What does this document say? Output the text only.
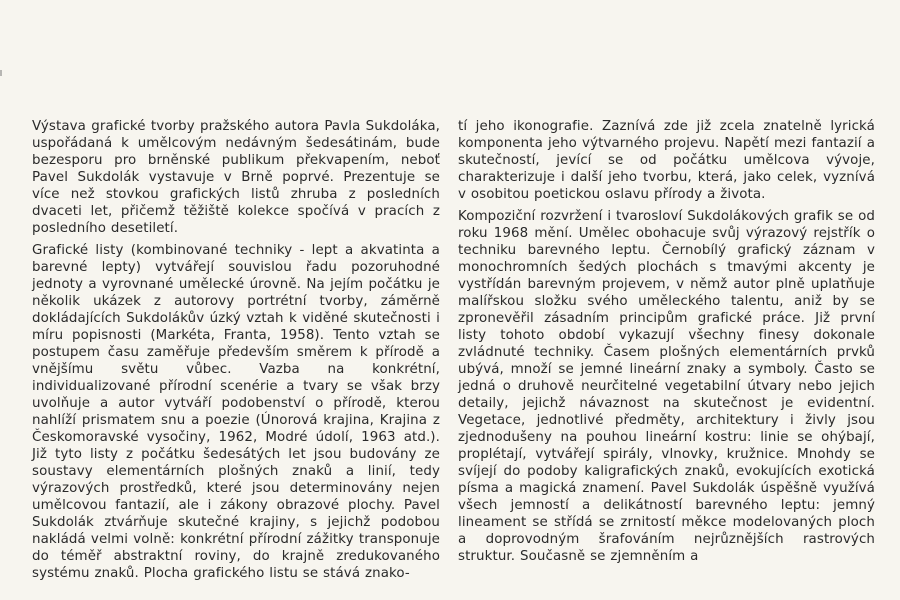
Výstava grafické tvorby pražského autora Pavla Sukdoláka, uspořádaná k umělcovým nedávným šedesátinám, bude bezesporu pro brněnské publikum překvapením, neboť Pavel Sukdolák vystavuje v Brně poprvé. Prezentuje se více než stovkou grafických listů zhruba z posledních dvaceti let, přičemž těžiště kolekce spočívá v pracích z posledního desetiletí.

Grafické listy (kombinované techniky - lept a akvatinta a barevné lepty) vytvářejí souvislou řadu pozoruhodné jednoty a vyrovnané umělecké úrovně. Na jejím počátku je několik ukázek z autorovy portrétní tvorby, záměrně dokládajících Sukdolákův úzký vztah k viděné skutečnosti i míru popisnosti (Markéta, Franta, 1958). Tento vztah se postupem času zaměřuje především směrem k přírodě a vnějšímu světu vůbec. Vazba na konkrétní, individualizované přírodní scenérie a tvary se však brzy uvolňuje a autor vytváří podobenství o přírodě, kterou nahlíží prismatem snu a poezie (Únorová krajina, Krajina z Českomoravské vysočiny, 1962, Modré údolí, 1963 atd.). Již tyto listy z počátku šedesátých let jsou budovány ze soustavy elementárních plošných znaků a linií, tedy výrazových prostředků, které jsou determinovány nejen umělcovou fantazií, ale i zákony obrazové plochy. Pavel Sukdolák ztvárňuje skutečné krajiny, s jejichž podobou nakládá velmi volně: konkrétní přírodní zážitky transponuje do téměř abstraktní roviny, do krajně zredukovaného systému znaků. Plocha grafického listu se stává znako-

tí jeho ikonografie. Zaznívá zde již zcela znatelně lyrická komponenta jeho výtvarného projevu. Napětí mezi fantazií a skutečností, jevící se od počátku umělcova vývoje, charakterizuje i další jeho tvorbu, která, jako celek, vyznívá v osobitou poetickou oslavu přírody a života.

Kompoziční rozvržení i tvarosloví Sukdolákových grafik se od roku 1968 mění. Umělec obohacuje svůj výrazový rejstřík o techniku barevného leptu. Černobílý grafický záznam v monochromních šedých plochách s tmavými akcenty je vystřídán barevným projevem, v němž autor plně uplatňuje malířskou složku svého uměleckého talentu, aniž by se zpronevěřil zásadním principům grafické práce. Již první listy tohoto období vykazují všechny finesy dokonale zvládnuté techniky. Časem plošných elementárních prvků ubývá, množí se jemné lineární znaky a symboly. Často se jedná o druhově neurčitelné vegetabilní útvary nebo jejich detaily, jejichž návaznost na skutečnost je evidentní. Vegetace, jednotlivé předměty, architektury i živly jsou zjednodušeny na pouhou lineární kostru: linie se ohýbají, proplétají, vytvářejí spirály, vlnovky, kružnice. Mnohdy se svíjejí do podoby kaligrafických znaků, evokujících exotická písma a magická znamení. Pavel Sukdolák úspěšně využívá všech jemností a delikátností barevného leptu: jemný lineament se střídá se zrnitostí měkce modelovaných ploch a doprovodným šrafováním nejrůznějších rastrových struktur. Současně se zjemněním a
